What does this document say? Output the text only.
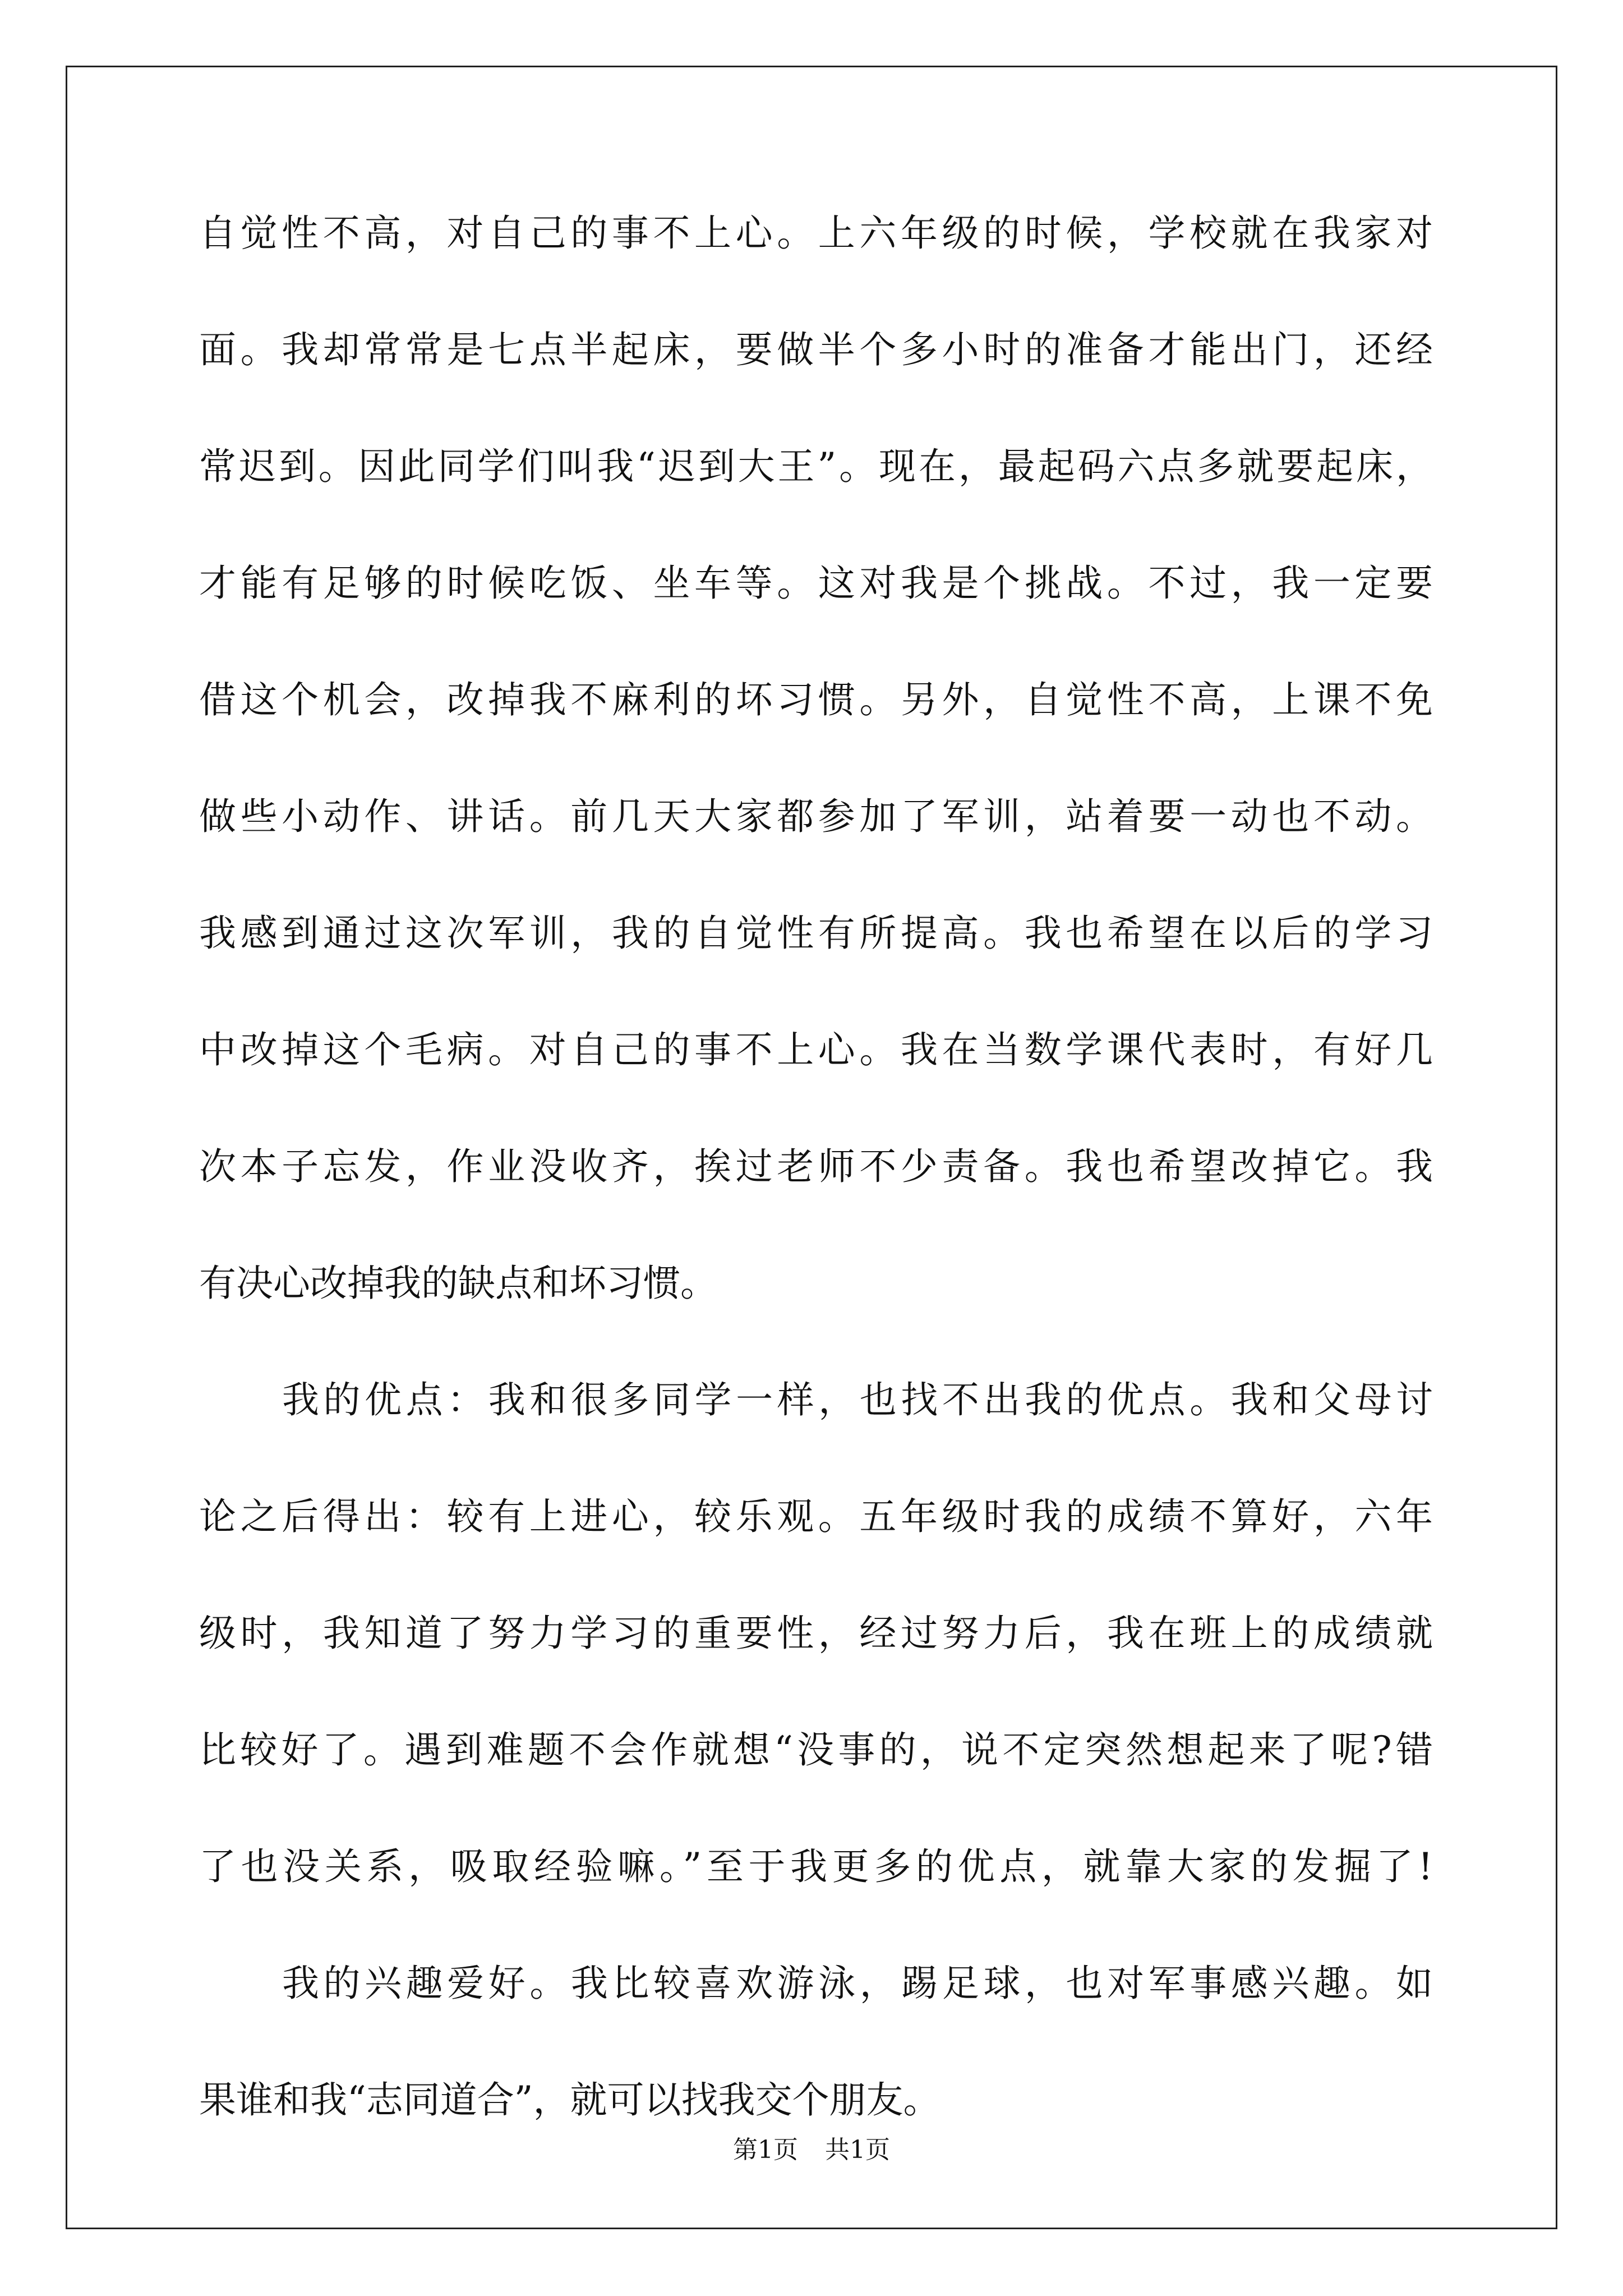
自觉性不高，对自己的事不上心。上六年级的时候，学校就在我家对
面。我却常常是七点半起床，要做半个多小时的准备才能出门，还经
常迟到。因此同学们叫我“迟到大王”。现在，最起码六点多就要起床，
才能有足够的时候吃饭、坐车等。这对我是个挑战。不过，我一定要
借这个机会，改掉我不麻利的坏习惯。另外，自觉性不高，上课不免
做些小动作、讲话。前几天大家都参加了军训，站着要一动也不动。
我感到通过这次军训，我的自觉性有所提高。我也希望在以后的学习
中改掉这个毛病。对自己的事不上心。我在当数学课代表时，有好几
次本子忘发，作业没收齐，挨过老师不少责备。我也希望改掉它。我
有决心改掉我的缺点和坏习惯。
我的优点：我和很多同学一样，也找不出我的优点。我和父母讨
论之后得出：较有上进心，较乐观。五年级时我的成绩不算好，六年
级时，我知道了努力学习的重要性，经过努力后，我在班上的成绩就
比较好了。遇到难题不会作就想“没事的，说不定突然想起来了呢?错
了也没关系，吸取经验嘛。”至于我更多的优点，就靠大家的发掘了!
我的兴趣爱好。我比较喜欢游泳，踢足球，也对军事感兴趣。如
果谁和我“志同道合”，就可以找我交个朋友。
第1页 共1页
